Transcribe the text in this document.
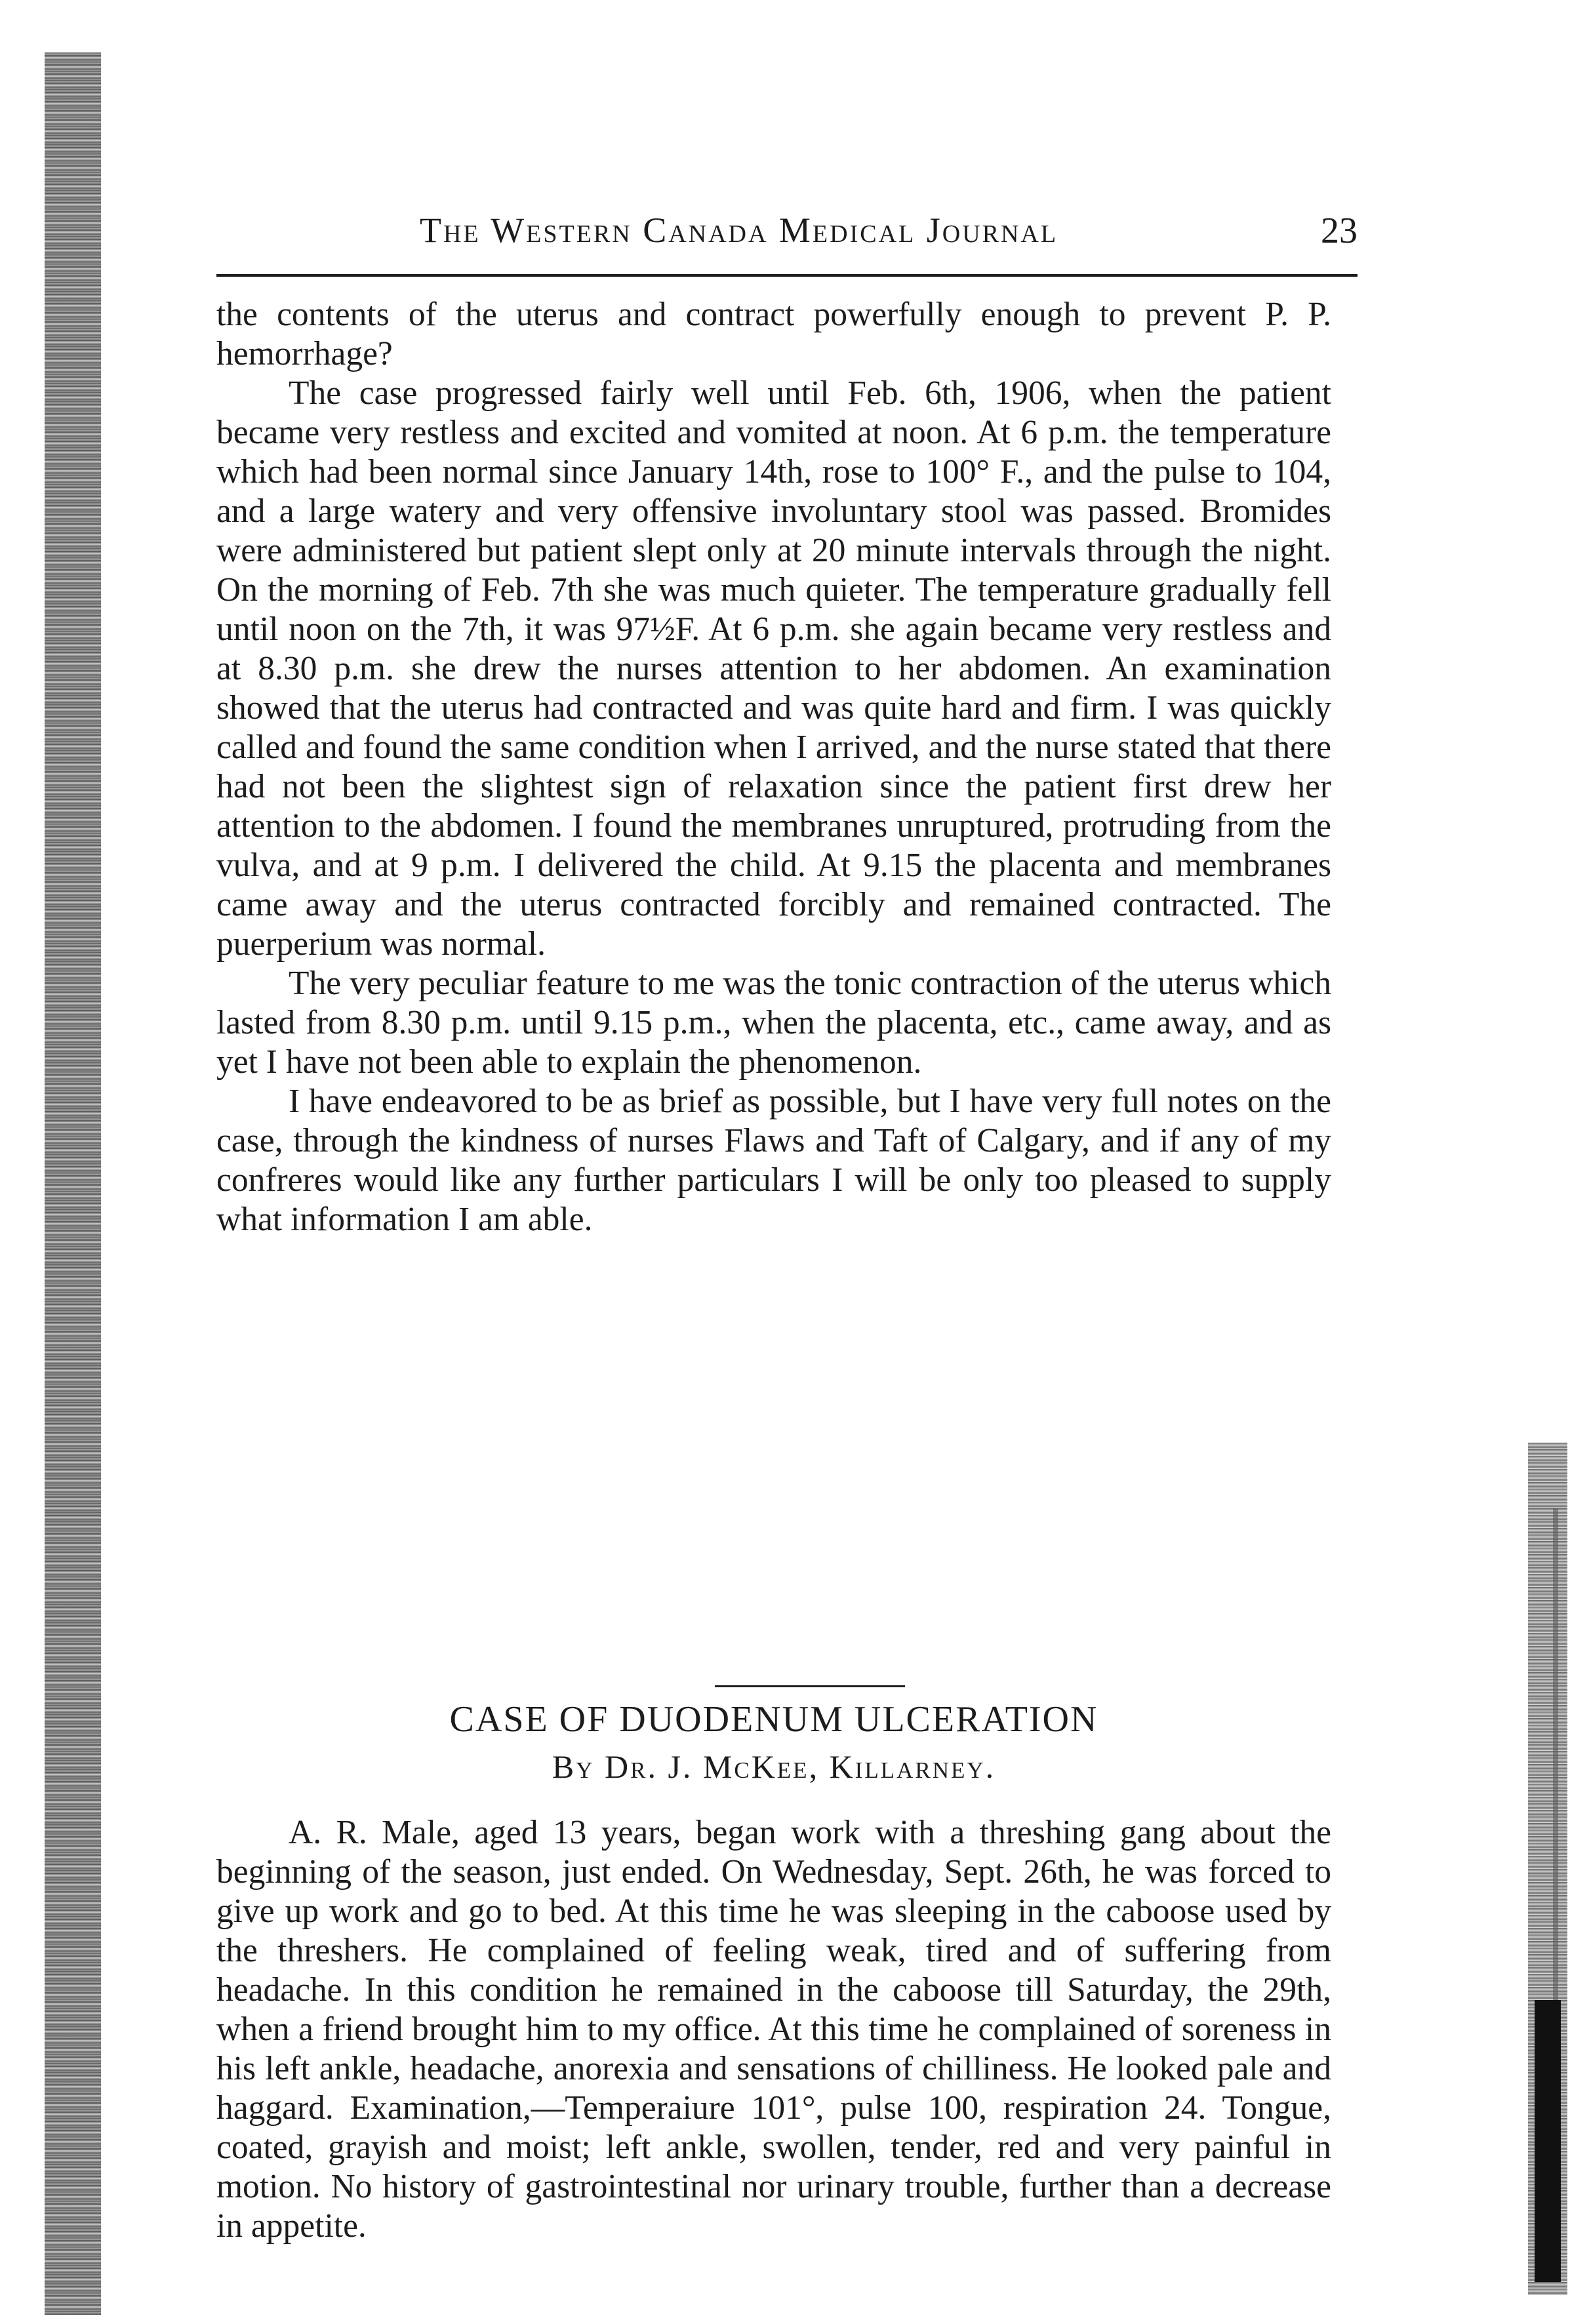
The Western Canada Medical Journal	23

the contents of the uterus and contract powerfully enough to prevent P. P. hemorrhage?

The case progressed fairly well until Feb. 6th, 1906, when the patient became very restless and excited and vomited at noon. At 6 p.m. the temperature which had been normal since January 14th, rose to 100° F., and the pulse to 104, and a large watery and very offensive involuntary stool was passed. Bromides were administered but patient slept only at 20 minute intervals through the night. On the morning of Feb. 7th she was much quieter. The temperature gradually fell until noon on the 7th, it was 97½F. At 6 p.m. she again became very restless and at 8.30 p.m. she drew the nurses attention to her abdomen. An examination showed that the uterus had contracted and was quite hard and firm. I was quickly called and found the same condition when I arrived, and the nurse stated that there had not been the slightest sign of relaxation since the patient first drew her attention to the abdomen. I found the membranes unruptured, protruding from the vulva, and at 9 p.m. I delivered the child. At 9.15 the placenta and membranes came away and the uterus contracted forcibly and remained contracted. The puerperium was normal.

The very peculiar feature to me was the tonic contraction of the uterus which lasted from 8.30 p.m. until 9.15 p.m., when the placenta, etc., came away, and as yet I have not been able to explain the phenomenon.

I have endeavored to be as brief as possible, but I have very full notes on the case, through the kindness of nurses Flaws and Taft of Calgary, and if any of my confreres would like any further particulars I will be only too pleased to supply what information I am able.

CASE OF DUODENUM ULCERATION
By Dr. J. McKee, Killarney.

A. R. Male, aged 13 years, began work with a threshing gang about the beginning of the season, just ended. On Wednesday, Sept. 26th, he was forced to give up work and go to bed. At this time he was sleeping in the caboose used by the threshers. He complained of feeling weak, tired and of suffering from headache. In this condition he remained in the caboose till Saturday, the 29th, when a friend brought him to my office. At this time he complained of soreness in his left ankle, headache, anorexia and sensations of chilliness. He looked pale and haggard. Examination,—Temperaiure 101°, pulse 100, respiration 24. Tongue, coated, grayish and moist; left ankle, swollen, tender, red and very painful in motion. No history of gastrointestinal nor urinary trouble, further than a decrease in appetite.
